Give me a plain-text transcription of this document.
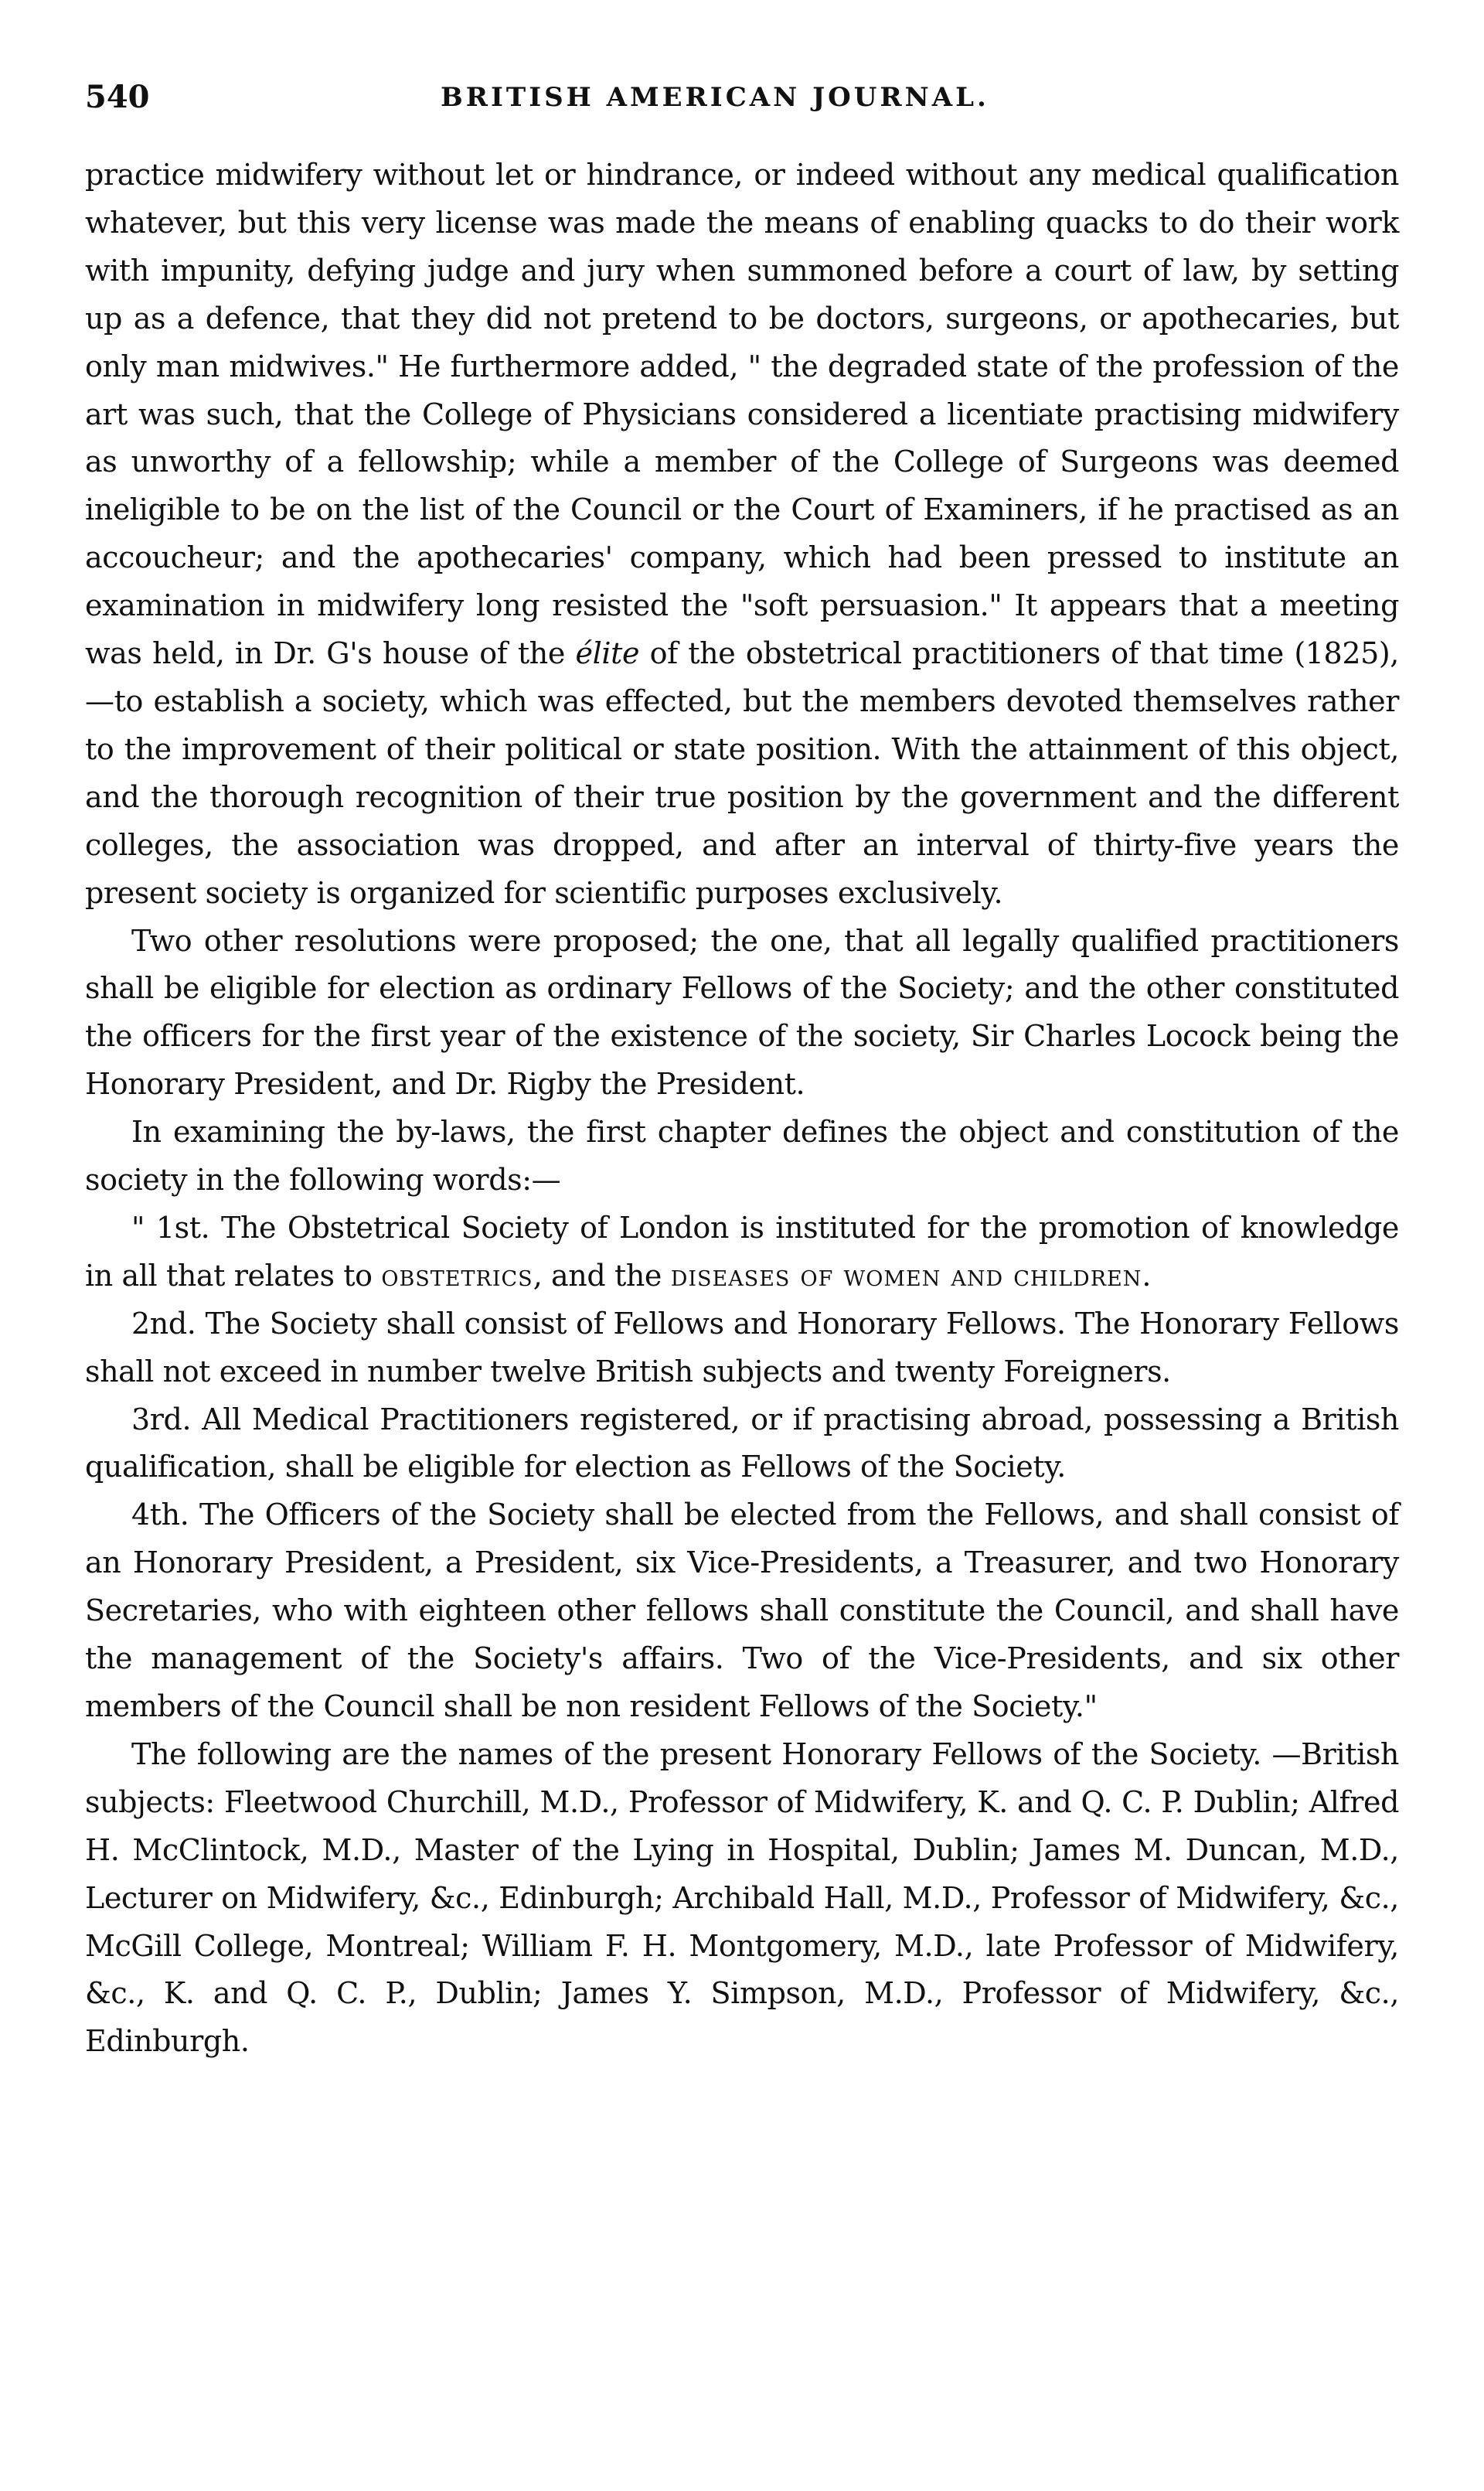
540	BRITISH AMERICAN JOURNAL.

practice midwifery without let or hindrance, or indeed without any medical qualification whatever, but this very license was made the means of enabling quacks to do their work with impunity, defying judge and jury when summoned before a court of law, by setting up as a defence, that they did not pretend to be doctors, surgeons, or apothecaries, but only man midwives." He furthermore added, " the degraded state of the profession of the art was such, that the College of Physicians considered a licentiate practising midwifery as unworthy of a fellowship; while a member of the College of Surgeons was deemed ineligible to be on the list of the Council or the Court of Examiners, if he practised as an accoucheur; and the apothecaries' company, which had been pressed to institute an examination in midwifery long resisted the "soft persuasion." It appears that a meeting was held, in Dr. G's house of the élite of the obstetrical practitioners of that time (1825),—to establish a society, which was effected, but the members devoted themselves rather to the improvement of their political or state position. With the attainment of this object, and the thorough recognition of their true position by the government and the different colleges, the association was dropped, and after an interval of thirty-five years the present society is organized for scientific purposes exclusively.

Two other resolutions were proposed; the one, that all legally qualified practitioners shall be eligible for election as ordinary Fellows of the Society; and the other constituted the officers for the first year of the existence of the society, Sir Charles Locock being the Honorary President, and Dr. Rigby the President.

In examining the by-laws, the first chapter defines the object and constitution of the society in the following words:—

" 1st. The Obstetrical Society of London is instituted for the promotion of knowledge in all that relates to obstetrics, and the diseases of women and children.

2nd. The Society shall consist of Fellows and Honorary Fellows. The Honorary Fellows shall not exceed in number twelve British subjects and twenty Foreigners.

3rd. All Medical Practitioners registered, or if practising abroad, possessing a British qualification, shall be eligible for election as Fellows of the Society.

4th. The Officers of the Society shall be elected from the Fellows, and shall consist of an Honorary President, a President, six Vice-Presidents, a Treasurer, and two Honorary Secretaries, who with eighteen other fellows shall constitute the Council, and shall have the management of the Society's affairs. Two of the Vice-Presidents, and six other members of the Council shall be non resident Fellows of the Society."

The following are the names of the present Honorary Fellows of the Society. —British subjects: Fleetwood Churchill, M.D., Professor of Midwifery, K. and Q. C. P. Dublin; Alfred H. McClintock, M.D., Master of the Lying in Hospital, Dublin; James M. Duncan, M.D., Lecturer on Midwifery, &c., Edinburgh; Archibald Hall, M.D., Professor of Midwifery, &c., McGill College, Montreal; William F. H. Montgomery, M.D., late Professor of Midwifery, &c., K. and Q. C. P., Dublin; James Y. Simpson, M.D., Professor of Midwifery, &c., Edinburgh.
